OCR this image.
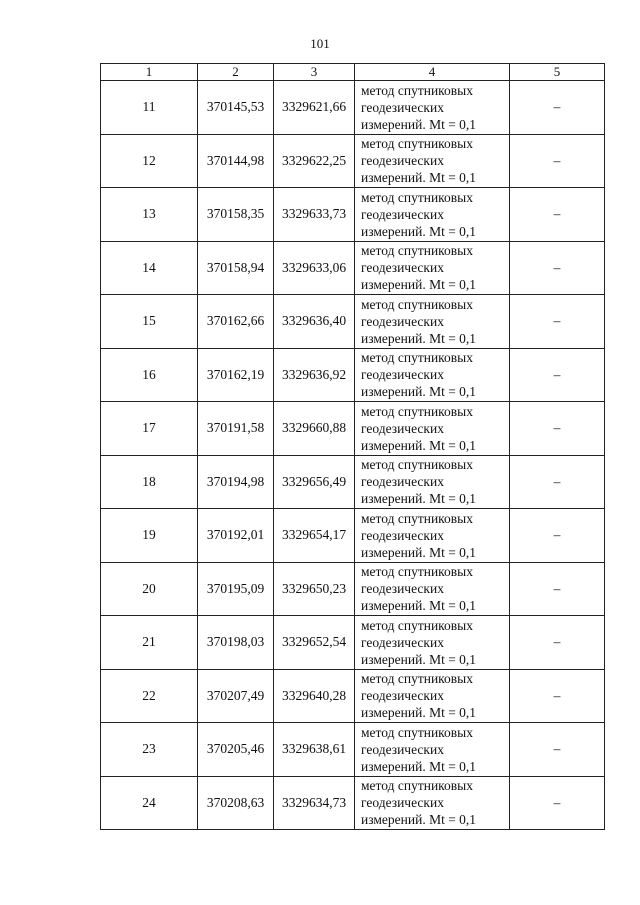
101
1	2	3	4	5
11	370145,53	3329621,66	метод спутниковых
геодезических
измерений. Mt = 0,1	–
12	370144,98	3329622,25	метод спутниковых
геодезических
измерений. Mt = 0,1	–
13	370158,35	3329633,73	метод спутниковых
геодезических
измерений. Mt = 0,1	–
14	370158,94	3329633,06	метод спутниковых
геодезических
измерений. Mt = 0,1	–
15	370162,66	3329636,40	метод спутниковых
геодезических
измерений. Mt = 0,1	–
16	370162,19	3329636,92	метод спутниковых
геодезических
измерений. Mt = 0,1	–
17	370191,58	3329660,88	метод спутниковых
геодезических
измерений. Mt = 0,1	–
18	370194,98	3329656,49	метод спутниковых
геодезических
измерений. Mt = 0,1	–
19	370192,01	3329654,17	метод спутниковых
геодезических
измерений. Mt = 0,1	–
20	370195,09	3329650,23	метод спутниковых
геодезических
измерений. Mt = 0,1	–
21	370198,03	3329652,54	метод спутниковых
геодезических
измерений. Mt = 0,1	–
22	370207,49	3329640,28	метод спутниковых
геодезических
измерений. Mt = 0,1	–
23	370205,46	3329638,61	метод спутниковых
геодезических
измерений. Mt = 0,1	–
24	370208,63	3329634,73	метод спутниковых
геодезических
измерений. Mt = 0,1	–
